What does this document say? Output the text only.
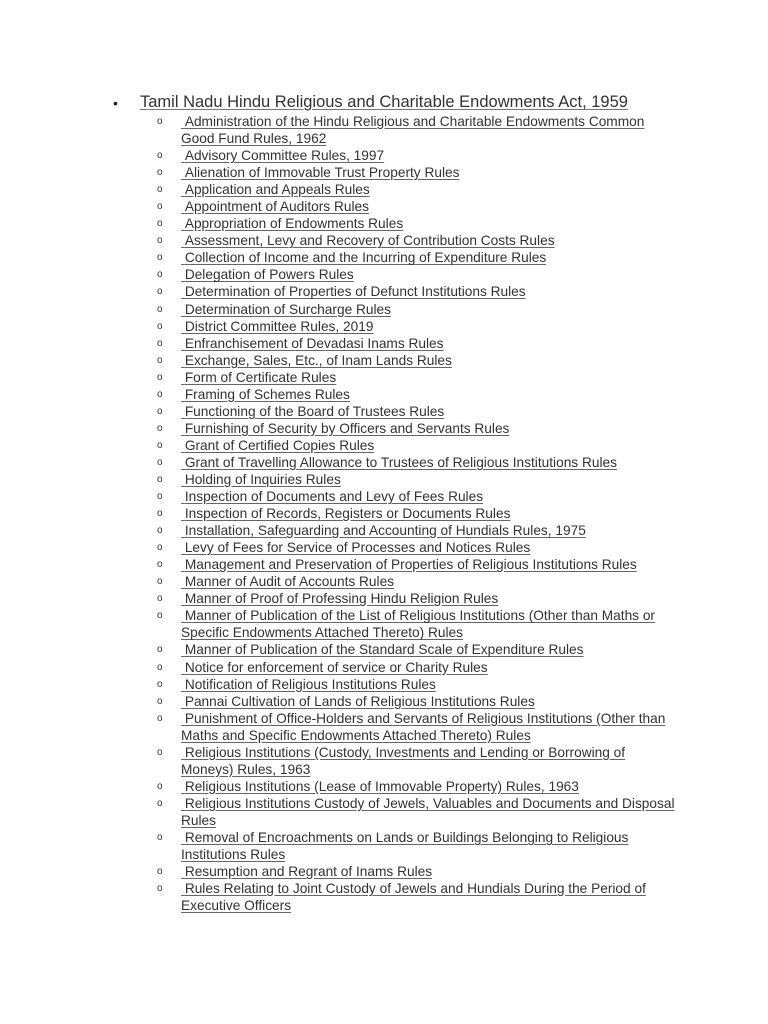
• Tamil Nadu Hindu Religious and Charitable Endowments Act, 1959
o	Administration of the Hindu Religious and Charitable Endowments Common Good Fund Rules, 1962
o	Advisory Committee Rules, 1997
o	Alienation of Immovable Trust Property Rules
o	Application and Appeals Rules
o	Appointment of Auditors Rules
o	Appropriation of Endowments Rules
o	Assessment, Levy and Recovery of Contribution Costs Rules
o	Collection of Income and the Incurring of Expenditure Rules
o	Delegation of Powers Rules
o	Determination of Properties of Defunct Institutions Rules
o	Determination of Surcharge Rules
o	District Committee Rules, 2019
o	Enfranchisement of Devadasi Inams Rules
o	Exchange, Sales, Etc., of Inam Lands Rules
o	Form of Certificate Rules
o	Framing of Schemes Rules
o	Functioning of the Board of Trustees Rules
o	Furnishing of Security by Officers and Servants Rules
o	Grant of Certified Copies Rules
o	Grant of Travelling Allowance to Trustees of Religious Institutions Rules
o	Holding of Inquiries Rules
o	Inspection of Documents and Levy of Fees Rules
o	Inspection of Records, Registers or Documents Rules
o	Installation, Safeguarding and Accounting of Hundials Rules, 1975
o	Levy of Fees for Service of Processes and Notices Rules
o	Management and Preservation of Properties of Religious Institutions Rules
o	Manner of Audit of Accounts Rules
o	Manner of Proof of Professing Hindu Religion Rules
o	Manner of Publication of the List of Religious Institutions (Other than Maths or Specific Endowments Attached Thereto) Rules
o	Manner of Publication of the Standard Scale of Expenditure Rules
o	Notice for enforcement of service or Charity Rules
o	Notification of Religious Institutions Rules
o	Pannai Cultivation of Lands of Religious Institutions Rules
o	Punishment of Office-Holders and Servants of Religious Institutions (Other than Maths and Specific Endowments Attached Thereto) Rules
o	Religious Institutions (Custody, Investments and Lending or Borrowing of Moneys) Rules, 1963
o	Religious Institutions (Lease of Immovable Property) Rules, 1963
o	Religious Institutions Custody of Jewels, Valuables and Documents and Disposal Rules
o	Removal of Encroachments on Lands or Buildings Belonging to Religious Institutions Rules
o	Resumption and Regrant of Inams Rules
o	Rules Relating to Joint Custody of Jewels and Hundials During the Period of Executive Officers
